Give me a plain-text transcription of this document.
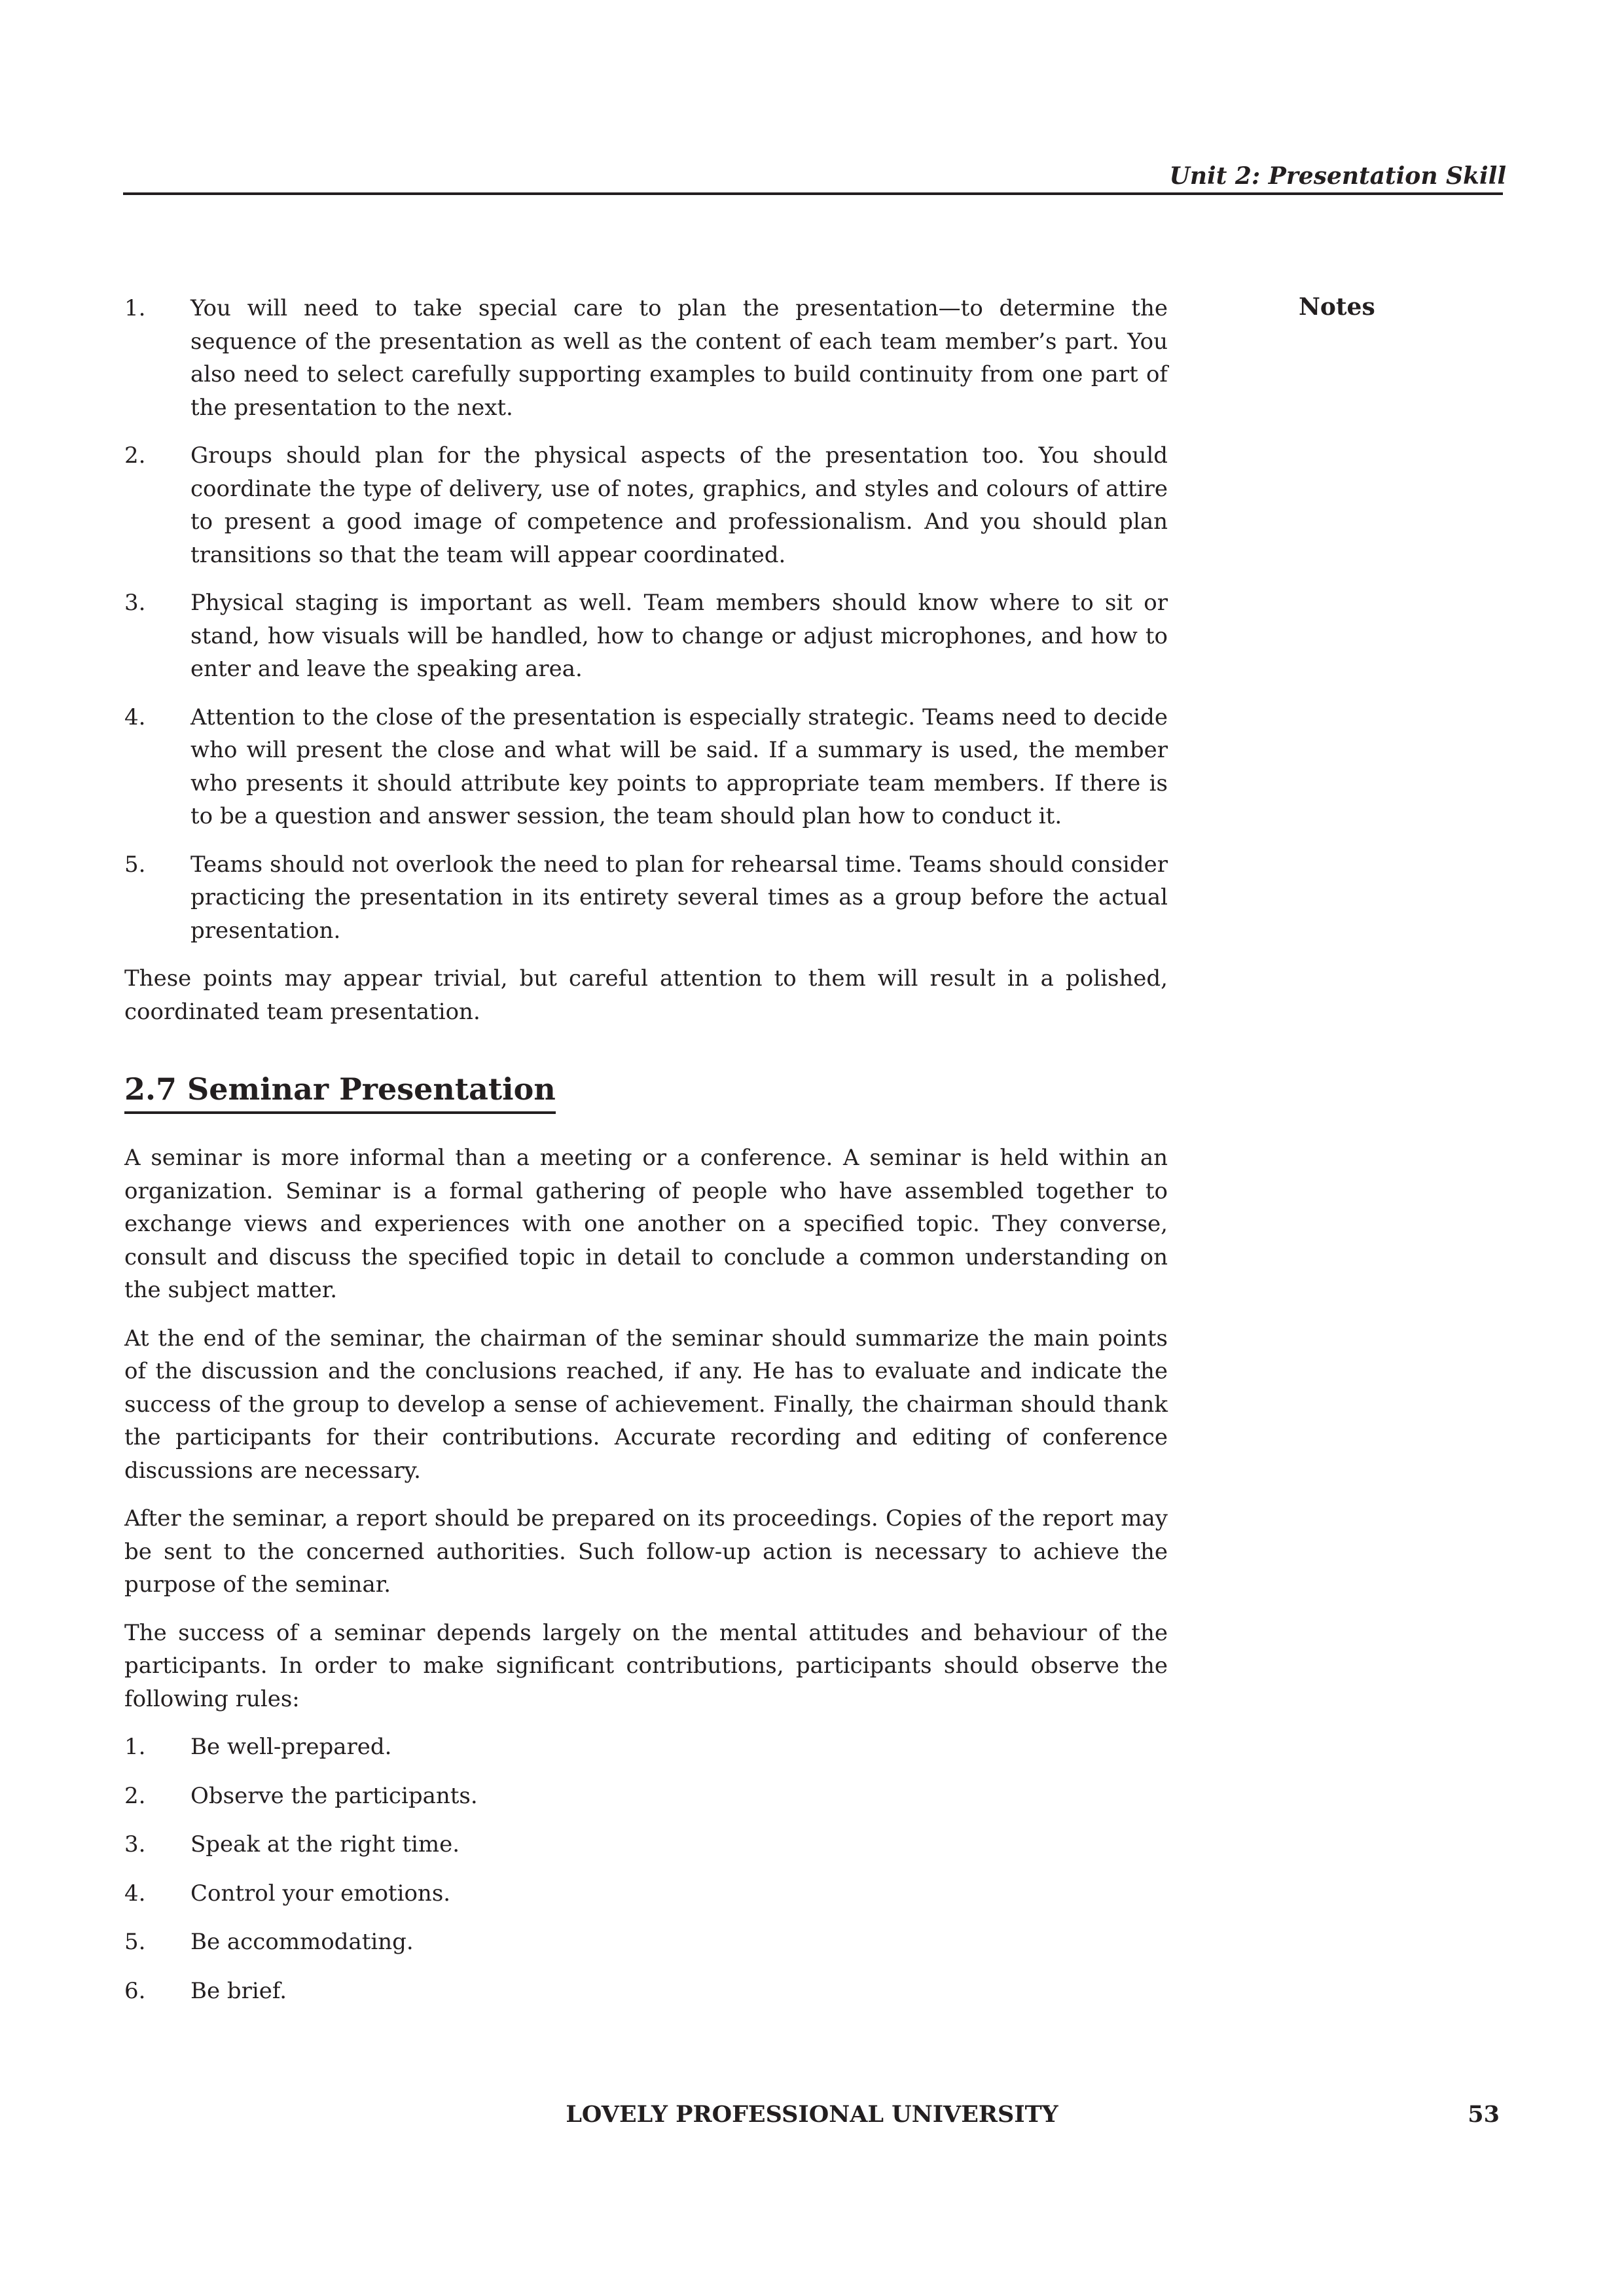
Unit 2: Presentation Skill
Notes
1.	You will need to take special care to plan the presentation—to determine the sequence of the presentation as well as the content of each team member’s part. You also need to select carefully supporting examples to build continuity from one part of the presentation to the next.
2.	Groups should plan for the physical aspects of the presentation too. You should coordinate the type of delivery, use of notes, graphics, and styles and colours of attire to present a good image of competence and professionalism. And you should plan transitions so that the team will appear coordinated.
3.	Physical staging is important as well. Team members should know where to sit or stand, how visuals will be handled, how to change or adjust microphones, and how to enter and leave the speaking area.
4.	Attention to the close of the presentation is especially strategic. Teams need to decide who will present the close and what will be said. If a summary is used, the member who presents it should attribute key points to appropriate team members. If there is to be a question and answer session, the team should plan how to conduct it.
5.	Teams should not overlook the need to plan for rehearsal time. Teams should consider practicing the presentation in its entirety several times as a group before the actual presentation.

These points may appear trivial, but careful attention to them will result in a polished, coordinated team presentation.

2.7 Seminar Presentation

A seminar is more informal than a meeting or a conference. A seminar is held within an organization. Seminar is a formal gathering of people who have assembled together to exchange views and experiences with one another on a specified topic. They converse, consult and discuss the specified topic in detail to conclude a common understanding on the subject matter.

At the end of the seminar, the chairman of the seminar should summarize the main points of the discussion and the conclusions reached, if any. He has to evaluate and indicate the success of the group to develop a sense of achievement. Finally, the chairman should thank the participants for their contributions. Accurate recording and editing of conference discussions are necessary.

After the seminar, a report should be prepared on its proceedings. Copies of the report may be sent to the concerned authorities. Such follow-up action is necessary to achieve the purpose of the seminar.

The success of a seminar depends largely on the mental attitudes and behaviour of the participants. In order to make significant contributions, participants should observe the following rules:

1.	Be well-prepared.
2.	Observe the participants.
3.	Speak at the right time.
4.	Control your emotions.
5.	Be accommodating.
6.	Be brief.
LOVELY PROFESSIONAL UNIVERSITY	53
